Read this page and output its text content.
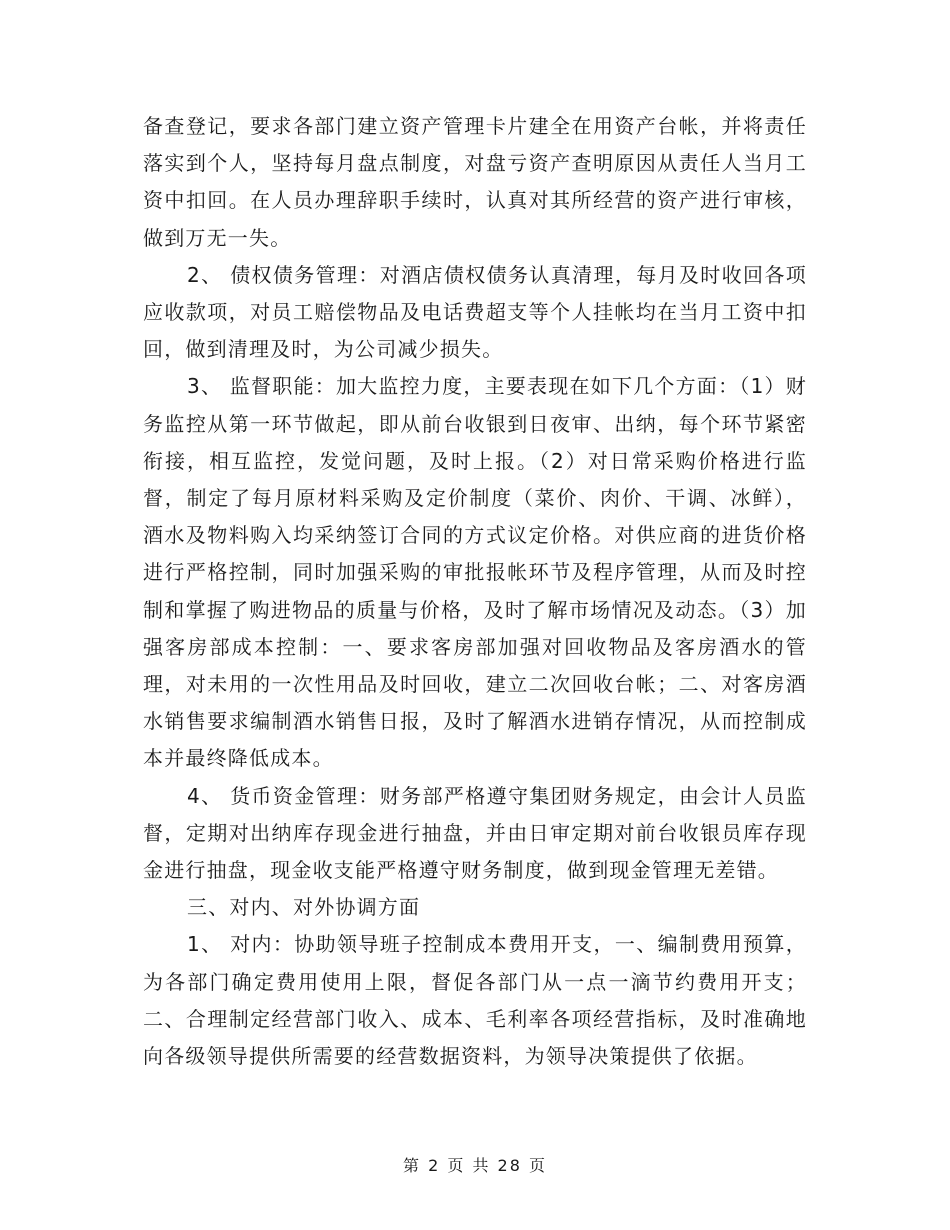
备查登记，要求各部门建立资产管理卡片建全在用资产台帐，并将责任落实到个人，坚持每月盘点制度，对盘亏资产查明原因从责任人当月工资中扣回。在人员办理辞职手续时，认真对其所经营的资产进行审核，做到万无一失。

2、 债权债务管理：对酒店债权债务认真清理，每月及时收回各项应收款项，对员工赔偿物品及电话费超支等个人挂帐均在当月工资中扣回，做到清理及时，为公司减少损失。

3、 监督职能：加大监控力度，主要表现在如下几个方面：（1）财务监控从第一环节做起，即从前台收银到日夜审、出纳，每个环节紧密衔接，相互监控，发觉问题，及时上报。（2）对日常采购价格进行监督，制定了每月原材料采购及定价制度（菜价、肉价、干调、冰鲜），酒水及物料购入均采纳签订合同的方式议定价格。对供应商的进货价格进行严格控制，同时加强采购的审批报帐环节及程序管理，从而及时控制和掌握了购进物品的质量与价格，及时了解市场情况及动态。（3）加强客房部成本控制：一、要求客房部加强对回收物品及客房酒水的管理，对未用的一次性用品及时回收，建立二次回收台帐；二、对客房酒水销售要求编制酒水销售日报，及时了解酒水进销存情况，从而控制成本并最终降低成本。

4、 货币资金管理：财务部严格遵守集团财务规定，由会计人员监督，定期对出纳库存现金进行抽盘，并由日审定期对前台收银员库存现金进行抽盘，现金收支能严格遵守财务制度，做到现金管理无差错。

三、对内、对外协调方面

1、 对内：协助领导班子控制成本费用开支，一、编制费用预算，为各部门确定费用使用上限，督促各部门从一点一滴节约费用开支；二、合理制定经营部门收入、成本、毛利率各项经营指标，及时准确地向各级领导提供所需要的经营数据资料，为领导决策提供了依据。

第 2 页 共 28 页
